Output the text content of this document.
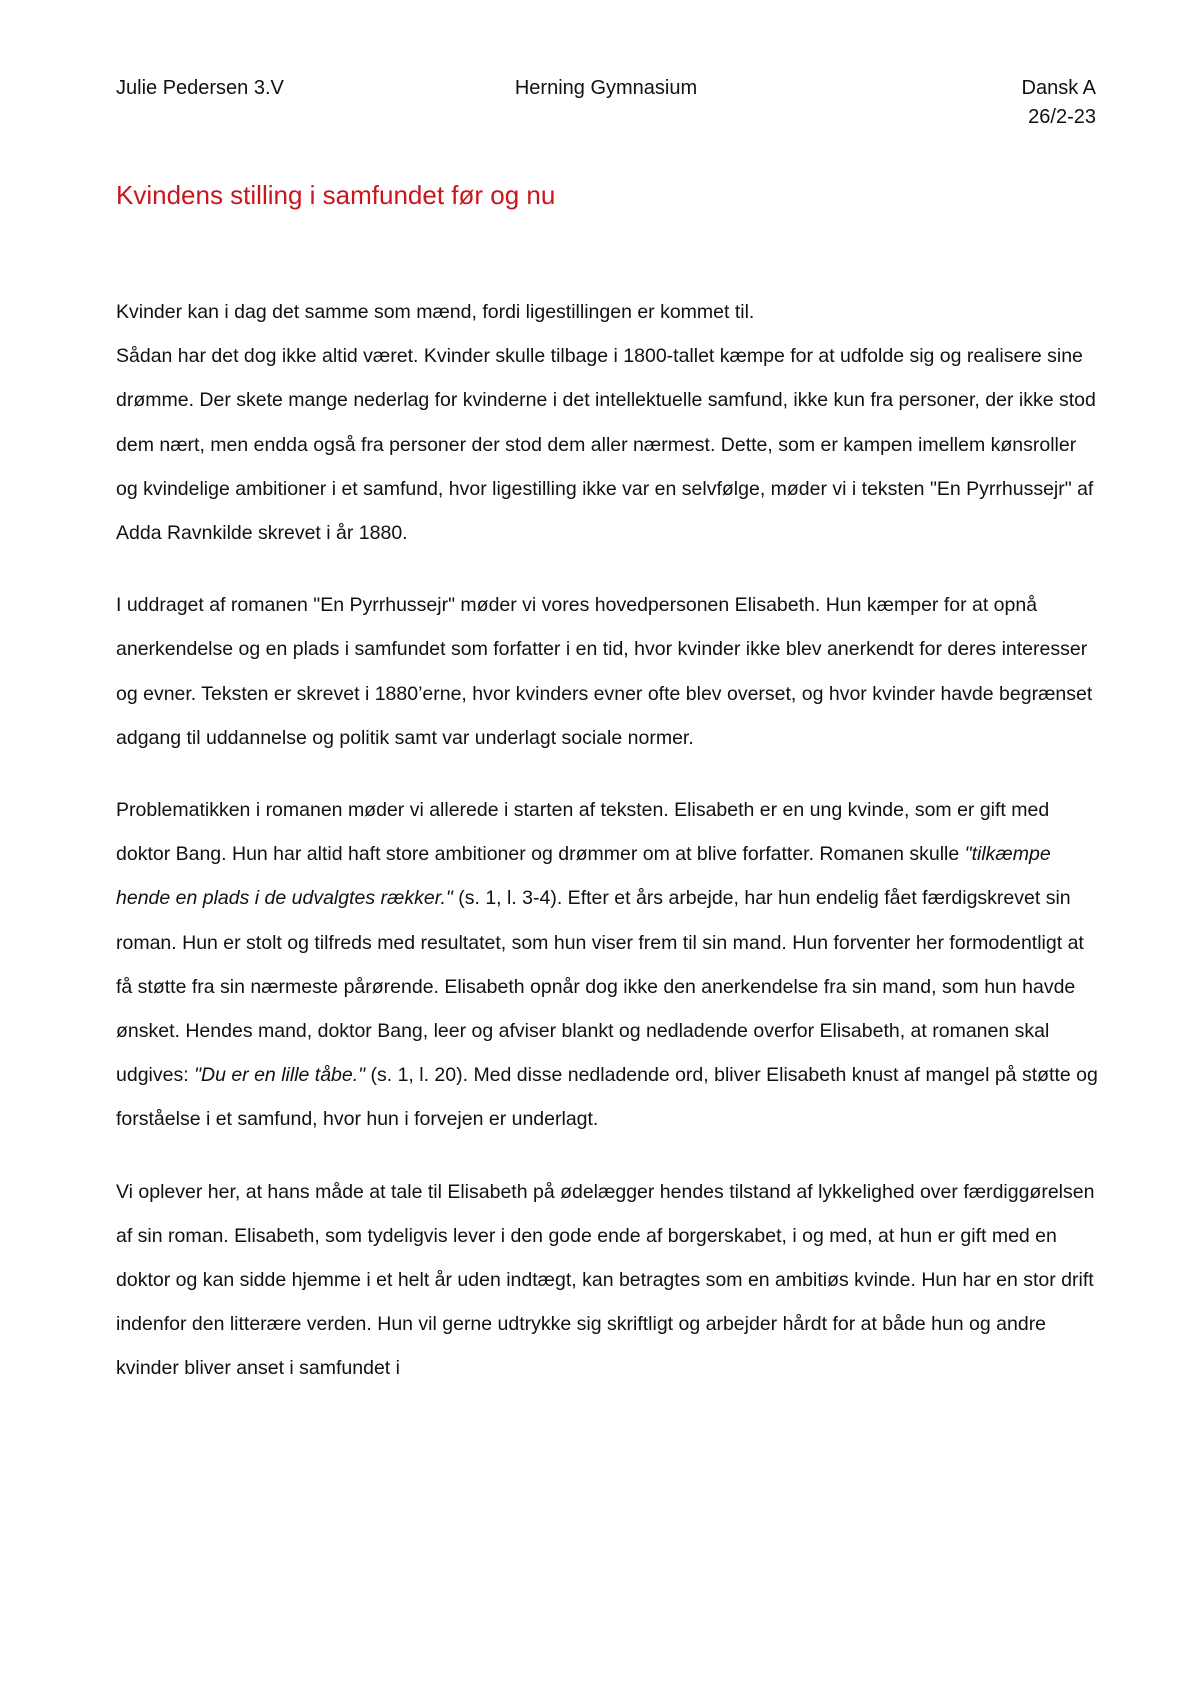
Julie Pedersen 3.V	Herning Gymnasium	Dansk A
26/2-23
Kvindens stilling i samfundet før og nu

Kvinder kan i dag det samme som mænd, fordi ligestillingen er kommet til.
Sådan har det dog ikke altid været. Kvinder skulle tilbage i 1800-tallet kæmpe for at udfolde sig og realisere sine drømme. Der skete mange nederlag for kvinderne i det intellektuelle samfund, ikke kun fra personer, der ikke stod dem nært, men endda også fra personer der stod dem aller nærmest. Dette, som er kampen imellem kønsroller og kvindelige ambitioner i et samfund, hvor ligestilling ikke var en selvfølge, møder vi i teksten "En Pyrrhussejr" af Adda Ravnkilde skrevet i år 1880.

I uddraget af romanen "En Pyrrhussejr" møder vi vores hovedpersonen Elisabeth. Hun kæmper for at opnå anerkendelse og en plads i samfundet som forfatter i en tid, hvor kvinder ikke blev anerkendt for deres interesser og evner. Teksten er skrevet i 1880’erne, hvor kvinders evner ofte blev overset, og hvor kvinder havde begrænset adgang til uddannelse og politik samt var underlagt sociale normer.

Problematikken i romanen møder vi allerede i starten af teksten. Elisabeth er en ung kvinde, som er gift med doktor Bang. Hun har altid haft store ambitioner og drømmer om at blive forfatter. Romanen skulle "tilkæmpe hende en plads i de udvalgtes rækker." (s. 1, l. 3-4). Efter et års arbejde, har hun endelig fået færdigskrevet sin roman. Hun er stolt og tilfreds med resultatet, som hun viser frem til sin mand. Hun forventer her formodentligt at få støtte fra sin nærmeste pårørende. Elisabeth opnår dog ikke den anerkendelse fra sin mand, som hun havde ønsket. Hendes mand, doktor Bang, leer og afviser blankt og nedladende overfor Elisabeth, at romanen skal udgives: "Du er en lille tåbe." (s. 1, l. 20). Med disse nedladende ord, bliver Elisabeth knust af mangel på støtte og forståelse i et samfund, hvor hun i forvejen er underlagt.

Vi oplever her, at hans måde at tale til Elisabeth på ødelægger hendes tilstand af lykkelighed over færdiggørelsen af sin roman. Elisabeth, som tydeligvis lever i den gode ende af borgerskabet, i og med, at hun er gift med en doktor og kan sidde hjemme i et helt år uden indtægt, kan betragtes som en ambitiøs kvinde. Hun har en stor drift indenfor den litterære verden. Hun vil gerne udtrykke sig skriftligt og arbejder hårdt for at både hun og andre kvinder bliver anset i samfundet i
